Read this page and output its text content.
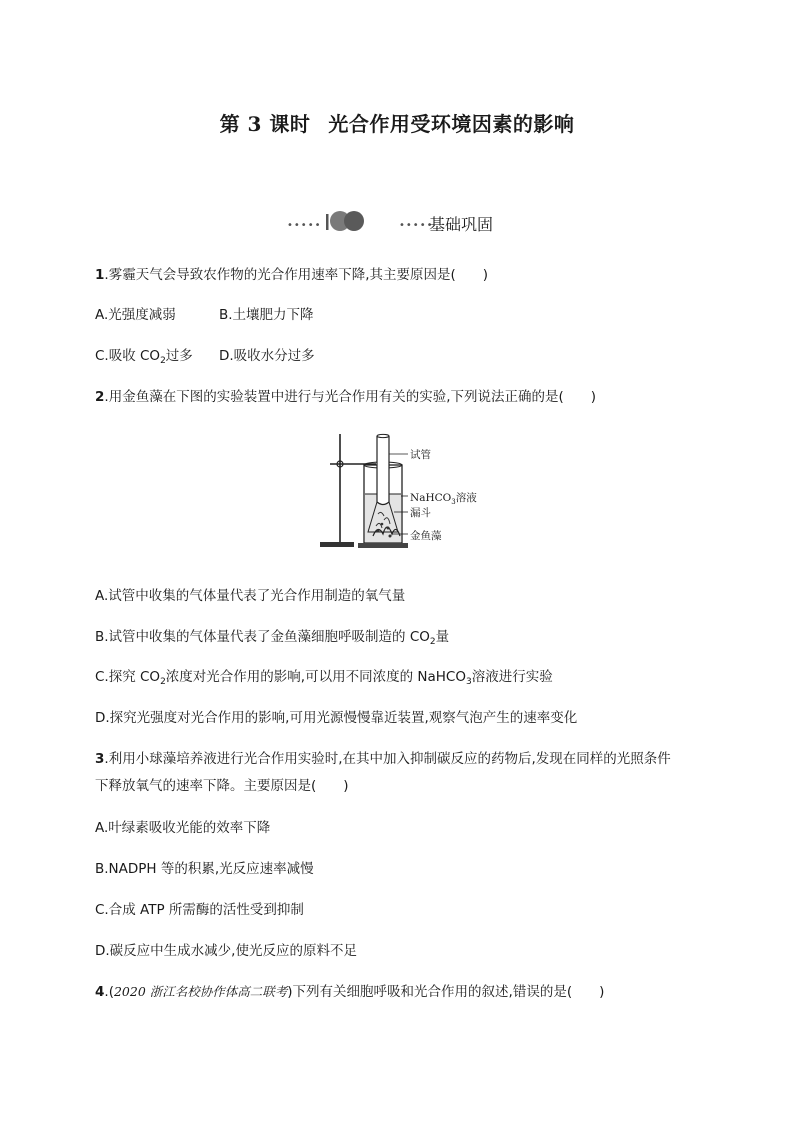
第 3 课时 光合作用受环境因素的影响
•••••	•••••
基础巩固
1.雾霾天气会导致农作物的光合作用速率下降,其主要原因是(　　)
A.光强度减弱	B.土壤肥力下降
C.吸收 $CO_2$过多 D.吸收水分过多
2.用金鱼藻在下图的实验装置中进行与光合作用有关的实验,下列说法正确的是(　　)
试管
NaHCO$_3$溶液
漏斗
金鱼藻
A.试管中收集的气体量代表了光合作用制造的氧气量
B.试管中收集的气体量代表了金鱼藻细胞呼吸制造的 $CO_2$量
C.探究 $CO_2$浓度对光合作用的影响,可以用不同浓度的 NaHCO$_3$溶液进行实验
D.探究光强度对光合作用的影响,可用光源慢慢靠近装置,观察气泡产生的速率变化
3.利用小球藻培养液进行光合作用实验时,在其中加入抑制碳反应的药物后,发现在同样的光照条件
下释放氧气的速率下降。主要原因是(　　)
A.叶绿素吸收光能的效率下降
B.NADPH 等的积累,光反应速率减慢
C.合成 ATP 所需酶的活性受到抑制
D.碳反应中生成水减少,使光反应的原料不足
4.(2020 浙江名校协作体高二联考)下列有关细胞呼吸和光合作用的叙述,错误的是(　　)
